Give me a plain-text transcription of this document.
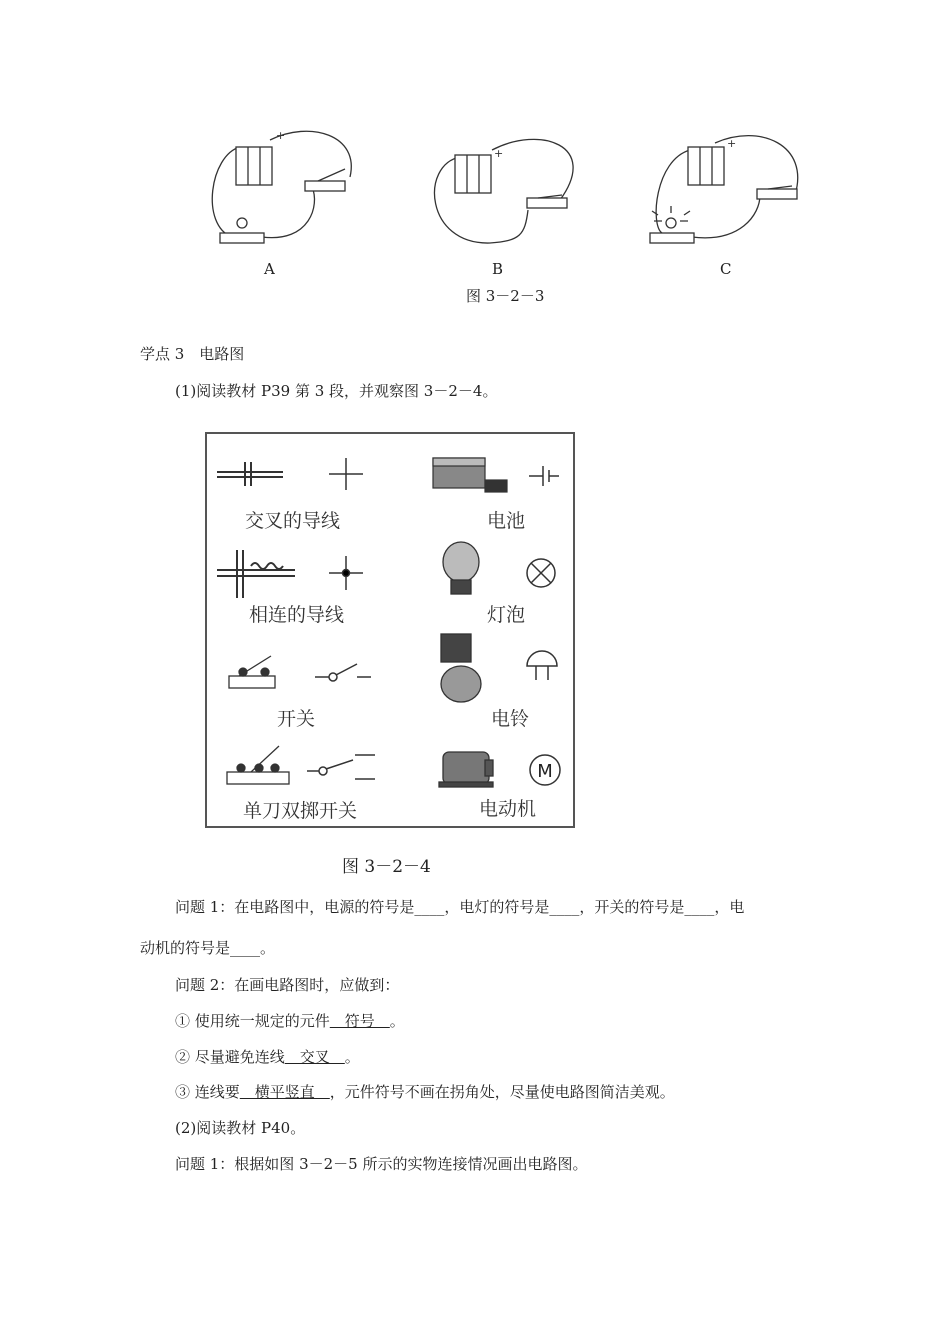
+
+
+
A	B	C
图 3－2－3
学点 3　电路图
(1)阅读教材 P39 第 3 段，并观察图 3－2－4。
M
交叉的导线	电池
相连的导线	灯泡
开关	电铃
单刀双掷开关	电动机
图 3－2－4
问题 1：在电路图中，电源的符号是____，电灯的符号是____，开关的符号是____，电
动机的符号是____。
问题 2：在画电路图时，应做到：
① 使用统一规定的元件　符号　。
② 尽量避免连线　交叉　。
③ 连线要　横平竖直　，元件符号不画在拐角处，尽量使电路图简洁美观。
(2)阅读教材 P40。
问题 1：根据如图 3－2－5 所示的实物连接情况画出电路图。
